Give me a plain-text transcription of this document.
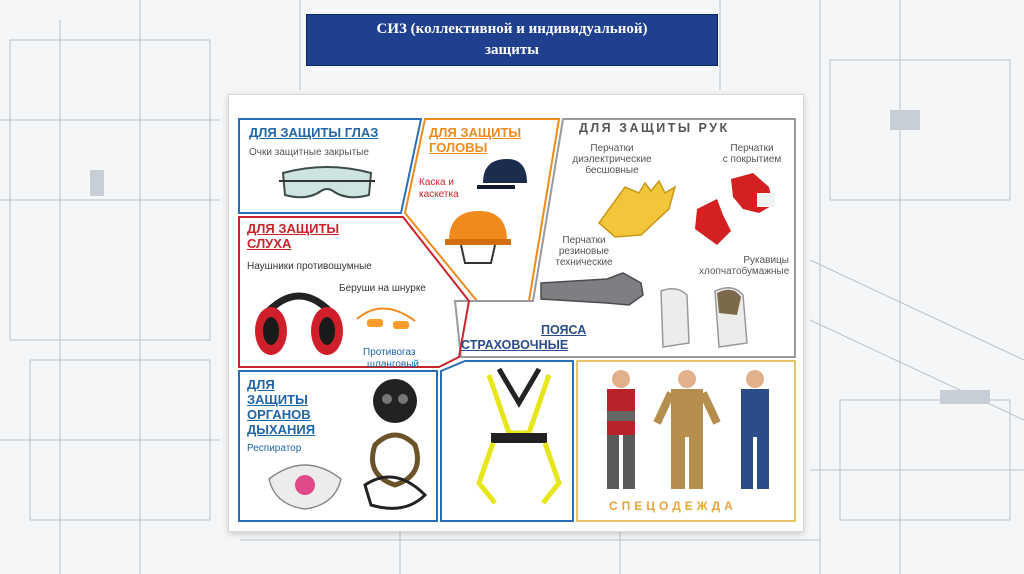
СИЗ (коллективной и индивидуальной)
защиты
ДЛЯ ЗАЩИТЫ ГЛАЗ
Очки защитные закрытые
ДЛЯ ЗАЩИТЫ
ГОЛОВЫ
Каска и
каскетка
ДЛЯ ЗАЩИТЫ РУК
Перчатки
диэлектрические
бесшовные
Перчатки
с покрытием
Перчатки
резиновые
технические	Рукавицы
хлопчатобумажные
ДЛЯ ЗАЩИТЫ
СЛУХА
Наушники противошумные
Беруши на шнурке
ДЛЯ
ЗАЩИТЫ
ОРГАНОВ
ДЫХАНИЯ
Респиратор
Противогаз
шланговый
ПОЯСА
СТРАХОВОЧНЫЕ
СПЕЦОДЕЖДА
